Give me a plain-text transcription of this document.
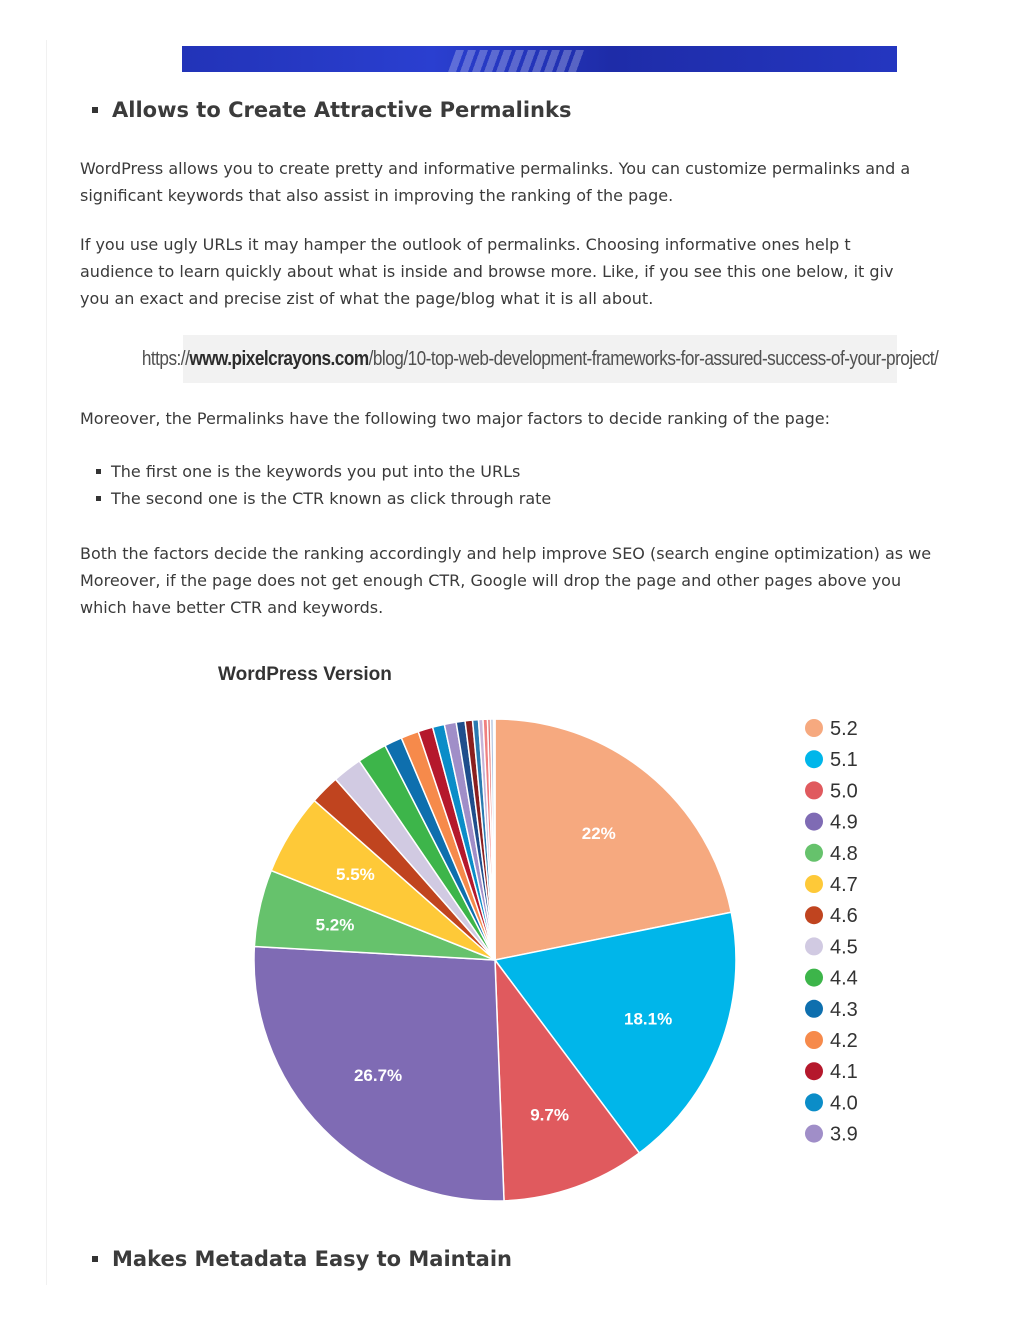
Allows to Create Attractive Permalinks
WordPress allows you to create pretty and informative permalinks. You can customize permalinks and a
significant keywords that also assist in improving the ranking of the page.
If you use ugly URLs it may hamper the outlook of permalinks. Choosing informative ones help t
audience to learn quickly about what is inside and browse more. Like, if you see this one below, it giv
you an exact and precise zist of what the page/blog what it is all about.
https://www.pixelcrayons.com/blog/10-top-web-development-frameworks-for-assured-success-of-your-project/
Moreover, the Permalinks have the following two major factors to decide ranking of the page:
The first one is the keywords you put into the URLs
The second one is the CTR known as click through rate
Both the factors decide the ranking accordingly and help improve SEO (search engine optimization) as we
Moreover, if the page does not get enough CTR, Google will drop the page and other pages above you
which have better CTR and keywords.
WordPress Version
22%
18.1%
9.7%
26.7%
5.2%
5.5%
5.2
5.1
5.0
4.9
4.8
4.7
4.6
4.5
4.4
4.3
4.2
4.1
4.0
3.9
Makes Metadata Easy to Maintain
